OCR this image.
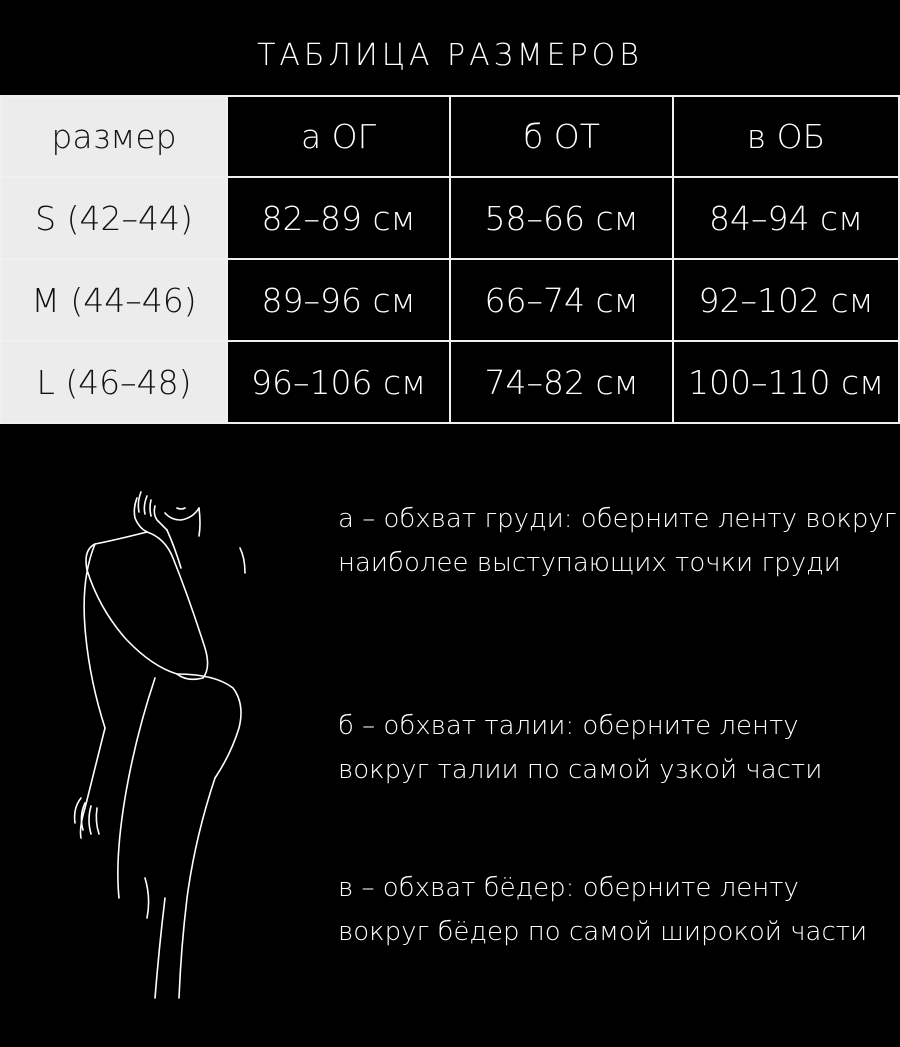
ТАБЛИЦА РАЗМЕРОВ
размер	а ОГ	б ОТ	в ОБ
S (42–44)	82–89 см	58–66 см	84–94 см
M (44–46)	89–96 см	66–74 см	92–102 см
L (46–48)	96–106 см	74–82 см	100–110 см
а – обхват груди: оберните ленту вокруг наиболее выступающих точки груди
б – обхват талии: оберните ленту вокруг талии по самой узкой части
в – обхват бёдер: оберните ленту вокруг бёдер по самой широкой части
